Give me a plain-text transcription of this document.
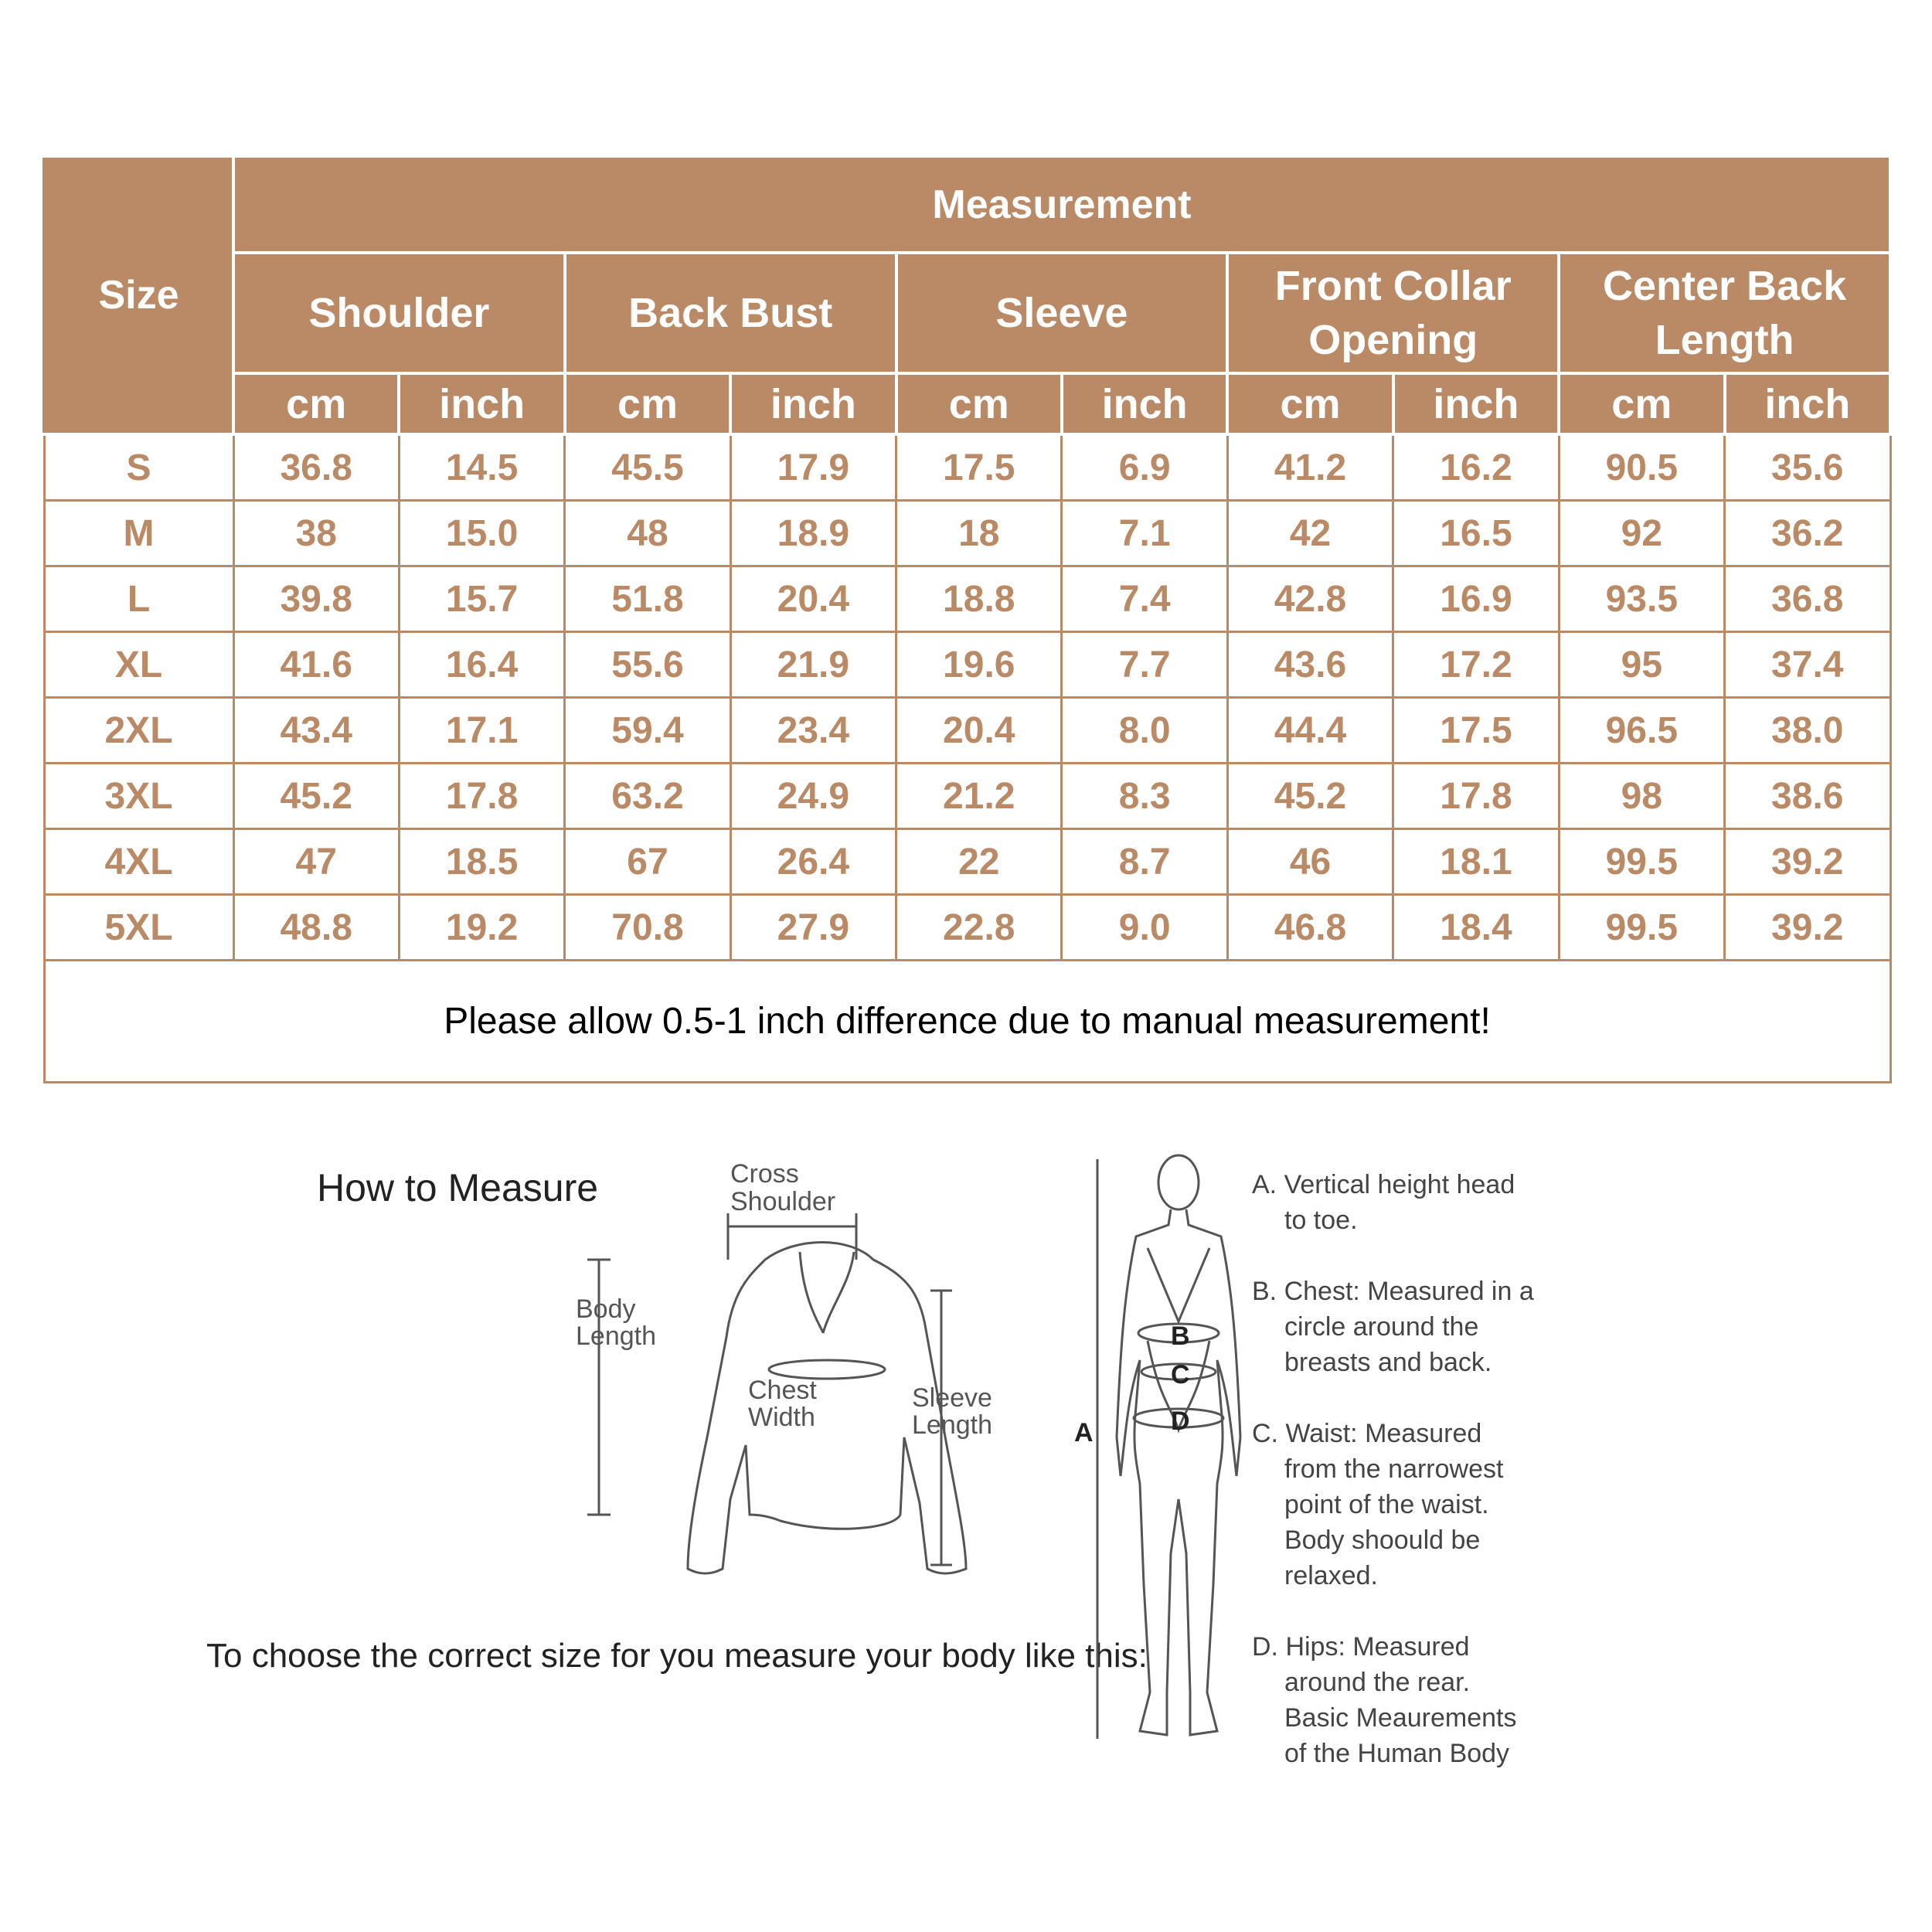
Size	Measurement									
	Shoulder		Back Bust		Sleeve		Front Collar Opening		Center Back Length	
	cm	inch	cm	inch	cm	inch	cm	inch	cm	inch
S	36.8	14.5	45.5	17.9	17.5	6.9	41.2	16.2	90.5	35.6
M	38	15.0	48	18.9	18	7.1	42	16.5	92	36.2
L	39.8	15.7	51.8	20.4	18.8	7.4	42.8	16.9	93.5	36.8
XL	41.6	16.4	55.6	21.9	19.6	7.7	43.6	17.2	95	37.4
2XL	43.4	17.1	59.4	23.4	20.4	8.0	44.4	17.5	96.5	38.0
3XL	45.2	17.8	63.2	24.9	21.2	8.3	45.2	17.8	98	38.6
4XL	47	18.5	67	26.4	22	8.7	46	18.1	99.5	39.2
5XL	48.8	19.2	70.8	27.9	22.8	9.0	46.8	18.4	99.5	39.2
Please allow 0.5-1 inch difference due to manual measurement!										
How to Measure	Cross
Shoulder
Body
Length
Chest
Width
Sleeve
Length
To choose the correct size for you measure your body like this:
B
C
D
A

A. Vertical height head
to toe.

B. Chest: Measured in a
circle around the
breasts and back.

C. Waist: Measured
from the narrowest
point of the waist.
Body shoould be
relaxed.

D. Hips: Measured
around the rear.
Basic Meaurements
of the Human Body
